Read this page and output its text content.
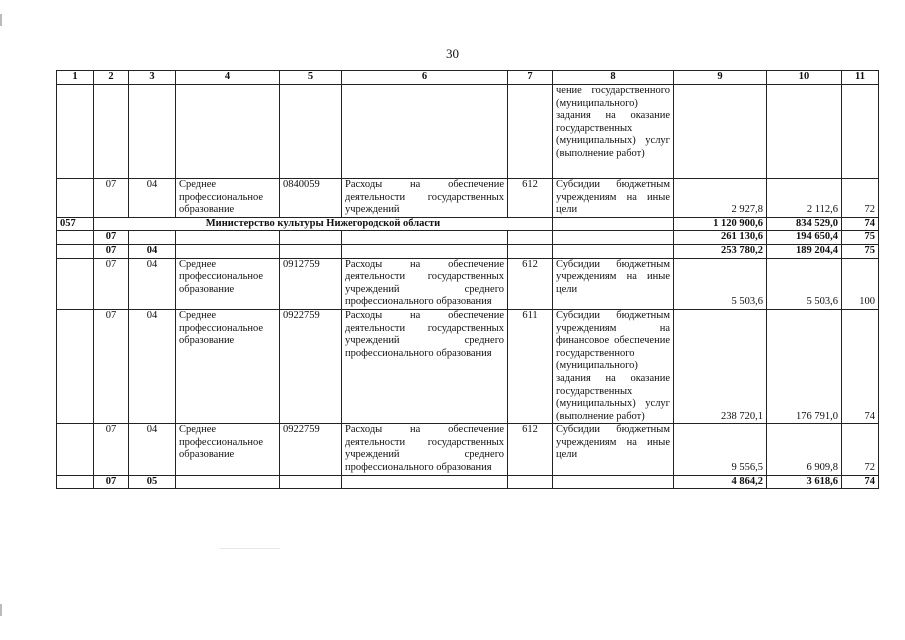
30
1	2	3	4	5	6	7	8	9	10	11
							чение государственного (муниципального) задания на оказание государственных (муниципальных) услуг (выполнение работ)			
	07	04	Среднее профессиональное образование	0840059	Расходы на обеспечение деятельности государственных учреждений	612	Субсидии бюджетным учреждениям на иные цели	2 927,8	2 112,6	72
057	Министерство культуры Нижегородской области							1 120 900,6	834 529,0	74
	07							261 130,6	194 650,4	75
	07	04						253 780,2	189 204,4	75
	07	04	Среднее профессиональное образование	0912759	Расходы на обеспечение деятельности государственных учреждений среднего профессионального образования	612	Субсидии бюджетным учреждениям на иные цели	5 503,6	5 503,6	100
	07	04	Среднее профессиональное образование	0922759	Расходы на обеспечение деятельности государственных учреждений среднего профессионального образования	611	Субсидии бюджетным учреждениям на финансовое обеспечение государственного (муниципального) задания на оказание государственных (муниципальных) услуг (выполнение работ)	238 720,1	176 791,0	74
	07	04	Среднее профессиональное образование	0922759	Расходы на обеспечение деятельности государственных учреждений среднего профессионального образования	612	Субсидии бюджетным учреждениям на иные цели	9 556,5	6 909,8	72
	07	05						4 864,2	3 618,6	74
